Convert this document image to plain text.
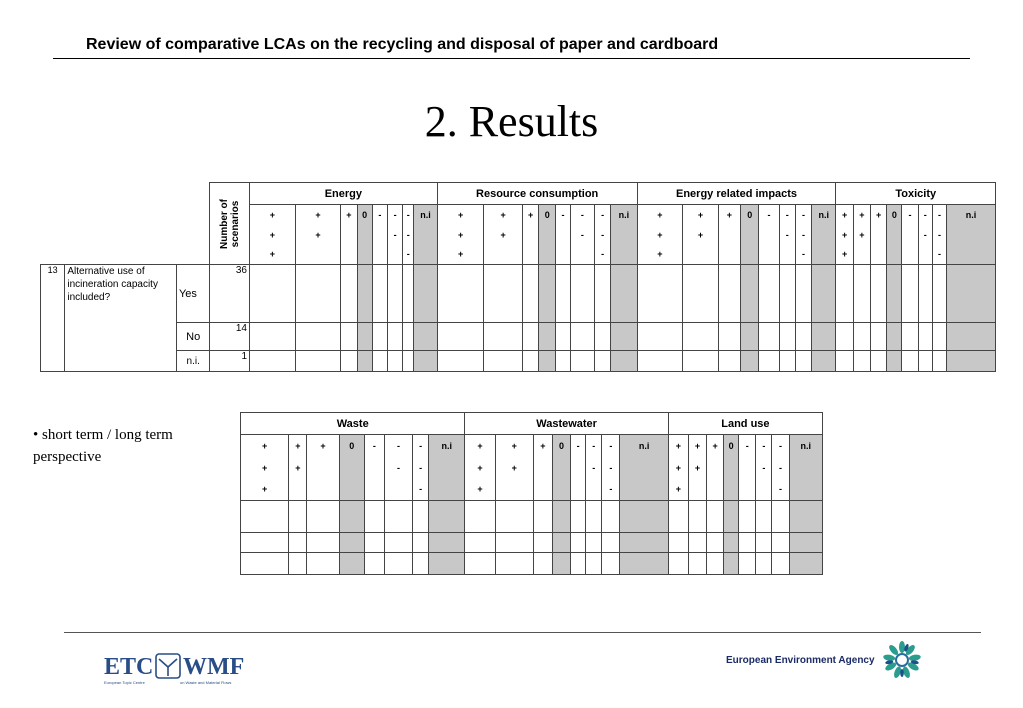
Review of comparative LCAs on the recycling and disposal of paper and cardboard
2. Results

			Number of scenarios	Energy								Resource consumption								Energy related impacts								Toxicity							
				+	+	+	0	-	-	-	n.i	+	+	+	0	-	-	-	n.i	+	+	+	0	-	-	-	n.i	+	+	+	0	-	-	-	n.i
				+	+				-	-		+	+				-	-		+	+				-	-		+	+				-	-	
				+						-		+						-		+						-		+						-	
13	Alternative use of incineration capacity included?	Yes	36																																
		No	14																																
		n.i.	1																																
• short term / long term perspective
Waste								Wastewater								Land use							
+	+	+	0	-	-	-	n.i	+	+	+	0	-	-	-	n.i	+	+	+	0	-	-	-	n.i
+	+				-	-		+	+				-	-		+	+				-	-	
+						-		+						-		+						-	

ETC WMF
European Topic Centre	on Waste and Material Flows
European Environment Agency
